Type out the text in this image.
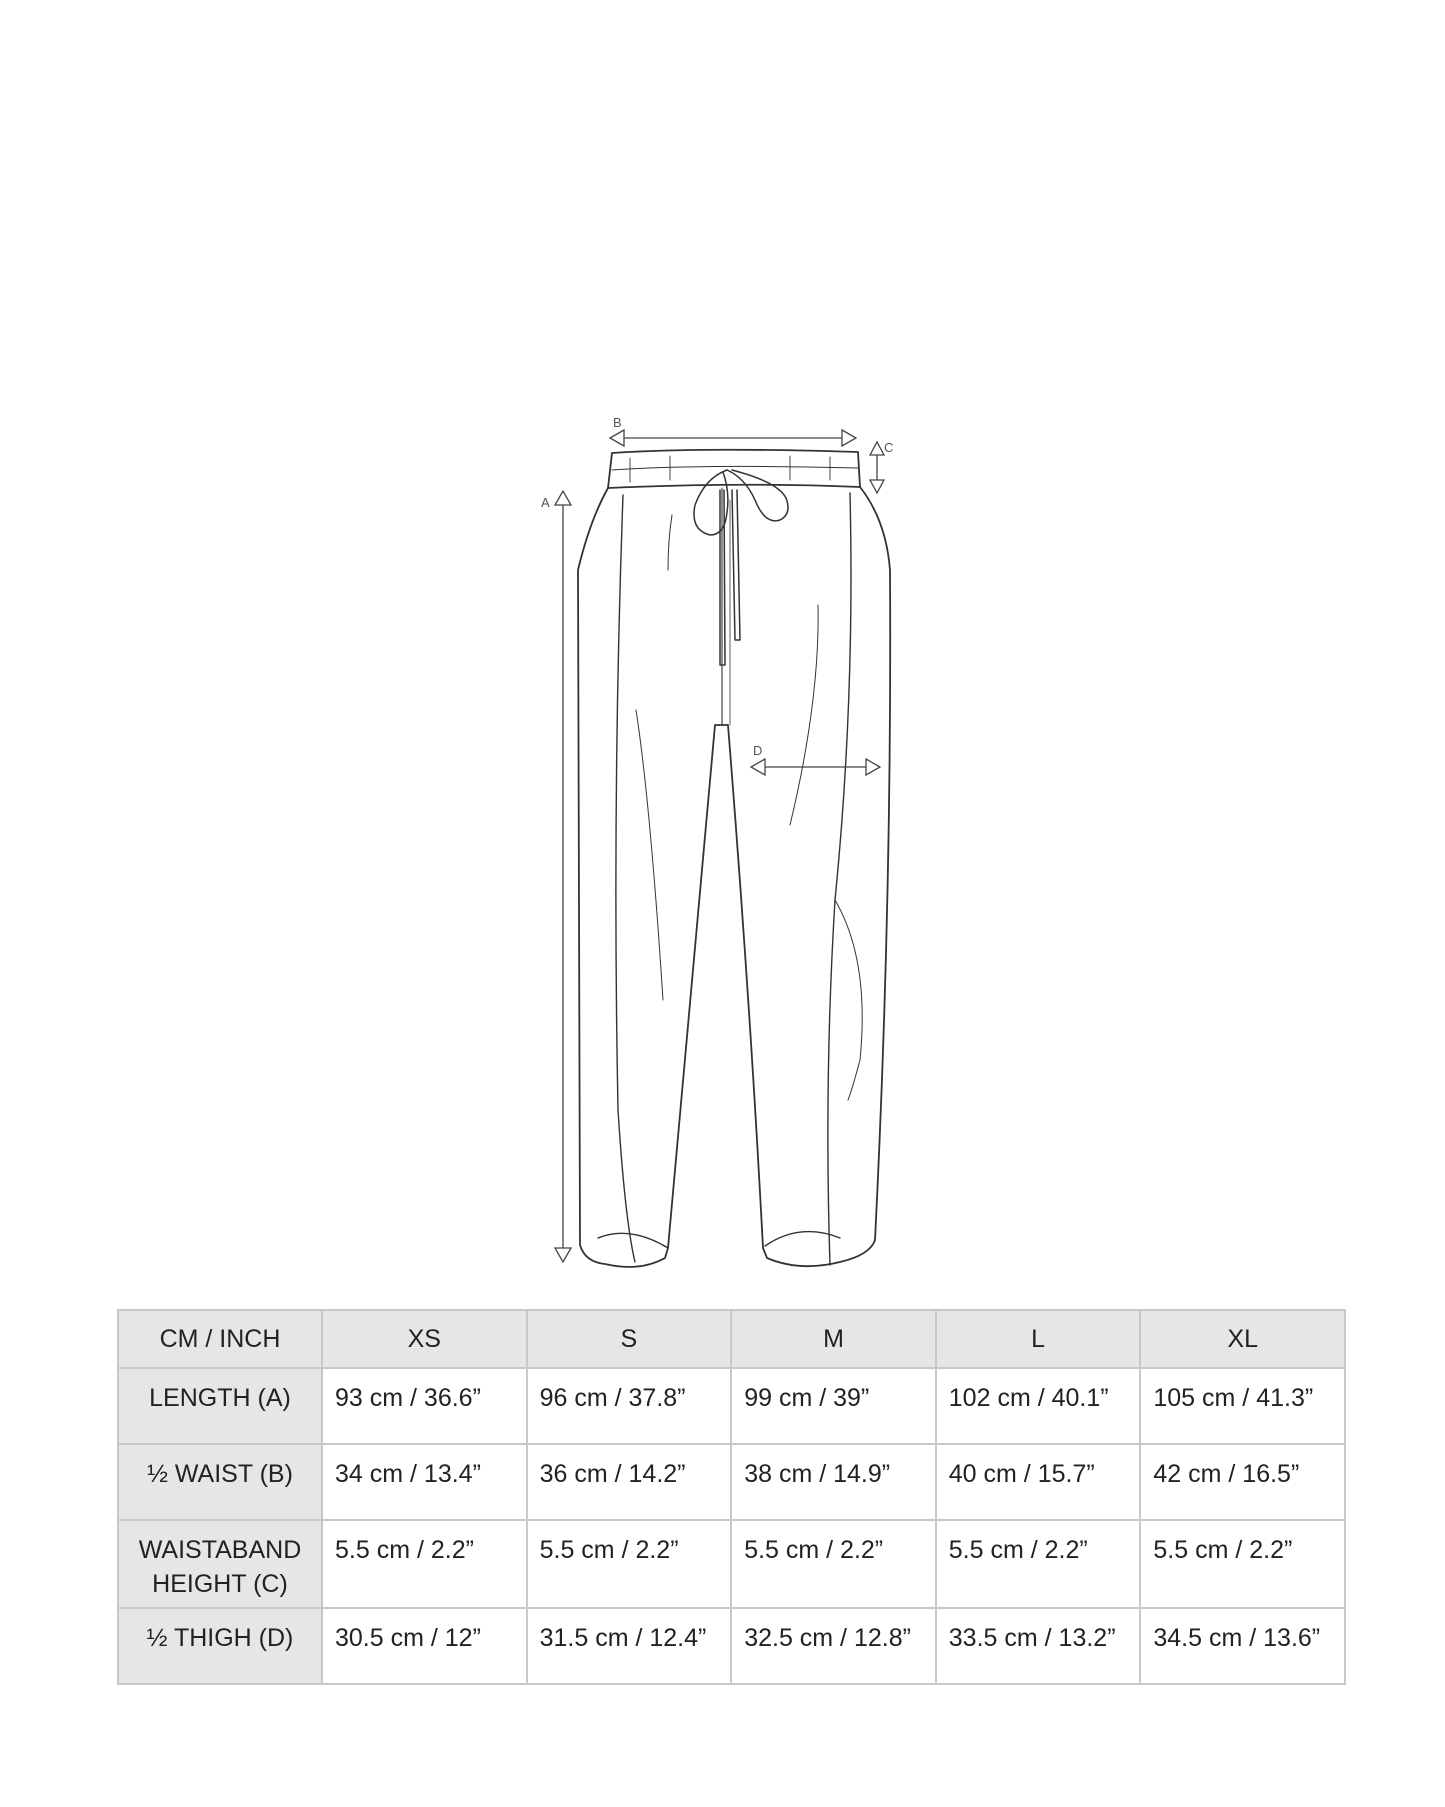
A
B
C
D
CM / INCH	XS	S	M	L	XL
LENGTH (A)	93 cm / 36.6”	96 cm / 37.8”	99 cm / 39”	102 cm / 40.1”	105 cm / 41.3”
½ WAIST (B)	34 cm / 13.4”	36 cm / 14.2”	38 cm / 14.9”	40 cm / 15.7”	42 cm / 16.5”
WAISTABAND HEIGHT (C)	5.5 cm / 2.2”	5.5 cm / 2.2”	5.5 cm / 2.2”	5.5 cm / 2.2”	5.5 cm / 2.2”
½ THIGH (D)	30.5 cm / 12”	31.5 cm / 12.4”	32.5 cm / 12.8”	33.5 cm / 13.2”	34.5 cm / 13.6”
